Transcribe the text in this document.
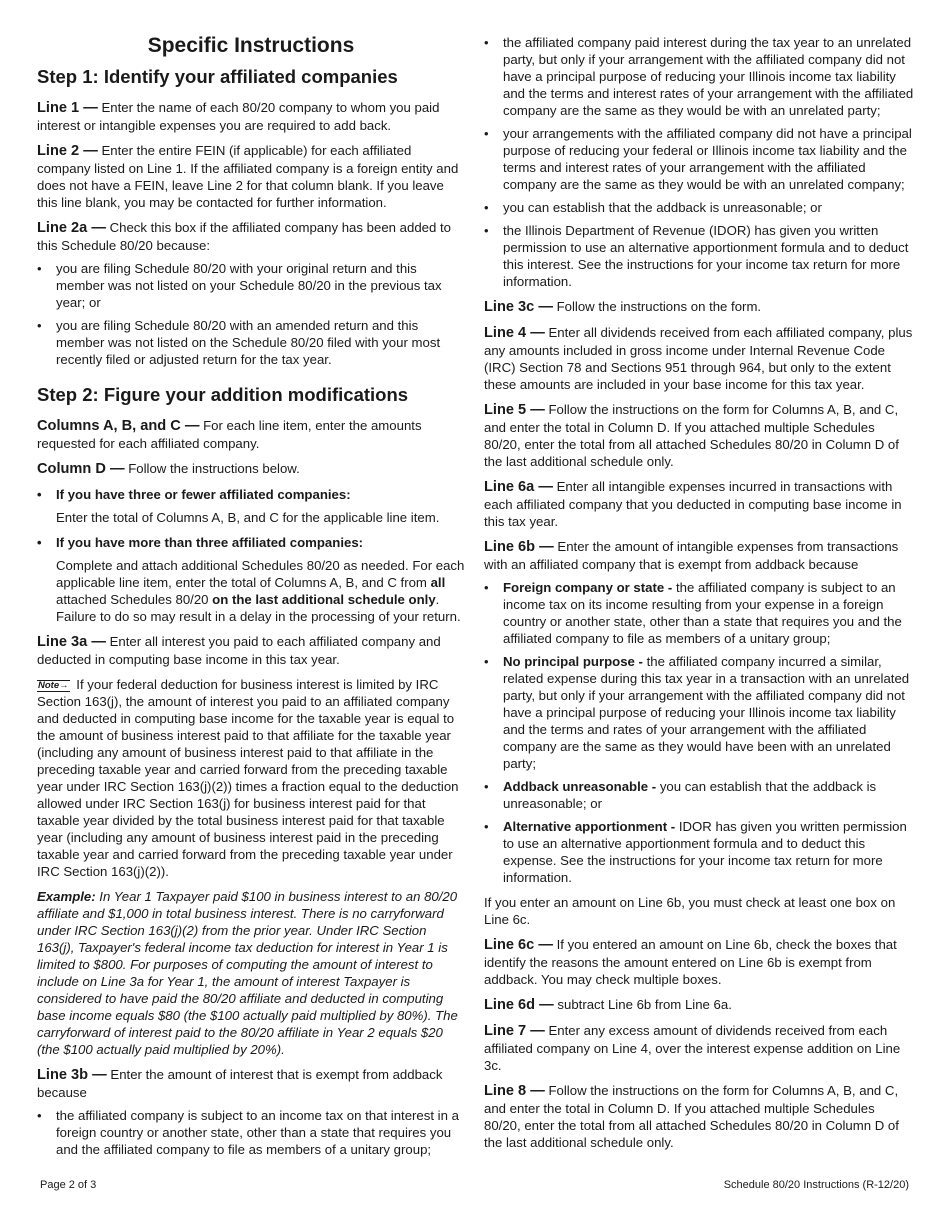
Specific Instructions
Step 1: Identify your affiliated companies

Line 1 — Enter the name of each 80/20 company to whom you paid interest or intangible expenses you are required to add back.

Line 2 — Enter the entire FEIN (if applicable) for each affiliated company listed on Line 1. If the affiliated company is a foreign entity and does not have a FEIN, leave Line 2 for that column blank. If you leave this line blank, you may be contacted for further information.

Line 2a — Check this box if the affiliated company has been added to this Schedule 80/20 because:

• you are filing Schedule 80/20 with your original return and this member was not listed on your Schedule 80/20 in the previous tax year; or
• you are filing Schedule 80/20 with an amended return and this member was not listed on the Schedule 80/20 filed with your most recently filed or adjusted return for the tax year.
Step 2: Figure your addition modifications

Columns A, B, and C — For each line item, enter the amounts requested for each affiliated company.

Column D — Follow the instructions below.

• If you have three or fewer affiliated companies:

Enter the total of Columns A, B, and C for the applicable line item.

• If you have more than three affiliated companies:

Complete and attach additional Schedules 80/20 as needed. For each applicable line item, enter the total of Columns A, B, and C from all attached Schedules 80/20 on the last additional schedule only. Failure to do so may result in a delay in the processing of your return.

Line 3a — Enter all interest you paid to each affiliated company and deducted in computing base income in this tax year.

Note→ If your federal deduction for business interest is limited by IRC Section 163(j), the amount of interest you paid to an affiliated company and deducted in computing base income for the taxable year is equal to the amount of business interest paid to that affiliate for the taxable year (including any amount of business interest paid to that affiliate in the preceding taxable year and carried forward from the preceding taxable year under IRC Section 163(j)(2)) times a fraction equal to the deduction allowed under IRC Section 163(j) for business interest paid for that taxable year divided by the total business interest paid for that taxable year (including any amount of business interest paid in the preceding taxable year and carried forward from the preceding taxable year under IRC Section 163(j)(2)).

Example: In Year 1 Taxpayer paid $100 in business interest to an 80/20 affiliate and $1,000 in total business interest. There is no carryforward under IRC Section 163(j)(2) from the prior year. Under IRC Section 163(j), Taxpayer's federal income tax deduction for interest in Year 1 is limited to $800. For purposes of computing the amount of interest to include on Line 3a for Year 1, the amount of interest Taxpayer is considered to have paid the 80/20 affiliate and deducted in computing base income equals $80 (the $100 actually paid multiplied by 80%). The carryforward of interest paid to the 80/20 affiliate in Year 2 equals $20 (the $100 actually paid multiplied by 20%).

Line 3b — Enter the amount of interest that is exempt from addback because

• the affiliated company is subject to an income tax on that interest in a foreign country or another state, other than a state that requires you and the affiliated company to file as members of a unitary group;
• the affiliated company paid interest during the tax year to an unrelated party, but only if your arrangement with the affiliated company did not have a principal purpose of reducing your Illinois income tax liability and the terms and interest rates of your arrangement with the affiliated company are the same as they would be with an unrelated party;
• your arrangements with the affiliated company did not have a principal purpose of reducing your federal or Illinois income tax liability and the terms and interest rates of your arrangement with the affiliated company are the same as they would be with an unrelated company;
• you can establish that the addback is unreasonable; or
• the Illinois Department of Revenue (IDOR) has given you written permission to use an alternative apportionment formula and to deduct this interest. See the instructions for your income tax return for more information.

Line 3c — Follow the instructions on the form.

Line 4 — Enter all dividends received from each affiliated company, plus any amounts included in gross income under Internal Revenue Code (IRC) Section 78 and Sections 951 through 964, but only to the extent these amounts are included in your base income for this tax year.

Line 5 — Follow the instructions on the form for Columns A, B, and C, and enter the total in Column D. If you attached multiple Schedules 80/20, enter the total from all attached Schedules 80/20 in Column D of the last additional schedule only.

Line 6a — Enter all intangible expenses incurred in transactions with each affiliated company that you deducted in computing base income in this tax year.

Line 6b — Enter the amount of intangible expenses from transactions with an affiliated company that is exempt from addback because

• Foreign company or state - the affiliated company is subject to an income tax on its income resulting from your expense in a foreign country or another state, other than a state that requires you and the affiliated company to file as members of a unitary group;
• No principal purpose - the affiliated company incurred a similar, related expense during this tax year in a transaction with an unrelated party, but only if your arrangement with the affiliated company did not have a principal purpose of reducing your Illinois income tax liability and the terms and rates of your arrangement with the affiliated company are the same as they would have been with an unrelated party;
• Addback unreasonable - you can establish that the addback is unreasonable; or
• Alternative apportionment - IDOR has given you written permission to use an alternative apportionment formula and to deduct this expense. See the instructions for your income tax return for more information.

If you enter an amount on Line 6b, you must check at least one box on Line 6c.

Line 6c — If you entered an amount on Line 6b, check the boxes that identify the reasons the amount entered on Line 6b is exempt from addback. You may check multiple boxes.

Line 6d — subtract Line 6b from Line 6a.

Line 7 — Enter any excess amount of dividends received from each affiliated company on Line 4, over the interest expense addition on Line 3c.

Line 8 — Follow the instructions on the form for Columns A, B, and C, and enter the total in Column D. If you attached multiple Schedules 80/20, enter the total from all attached Schedules 80/20 in Column D of the last additional schedule only.

Page 2 of 3	Schedule 80/20 Instructions (R-12/20)
